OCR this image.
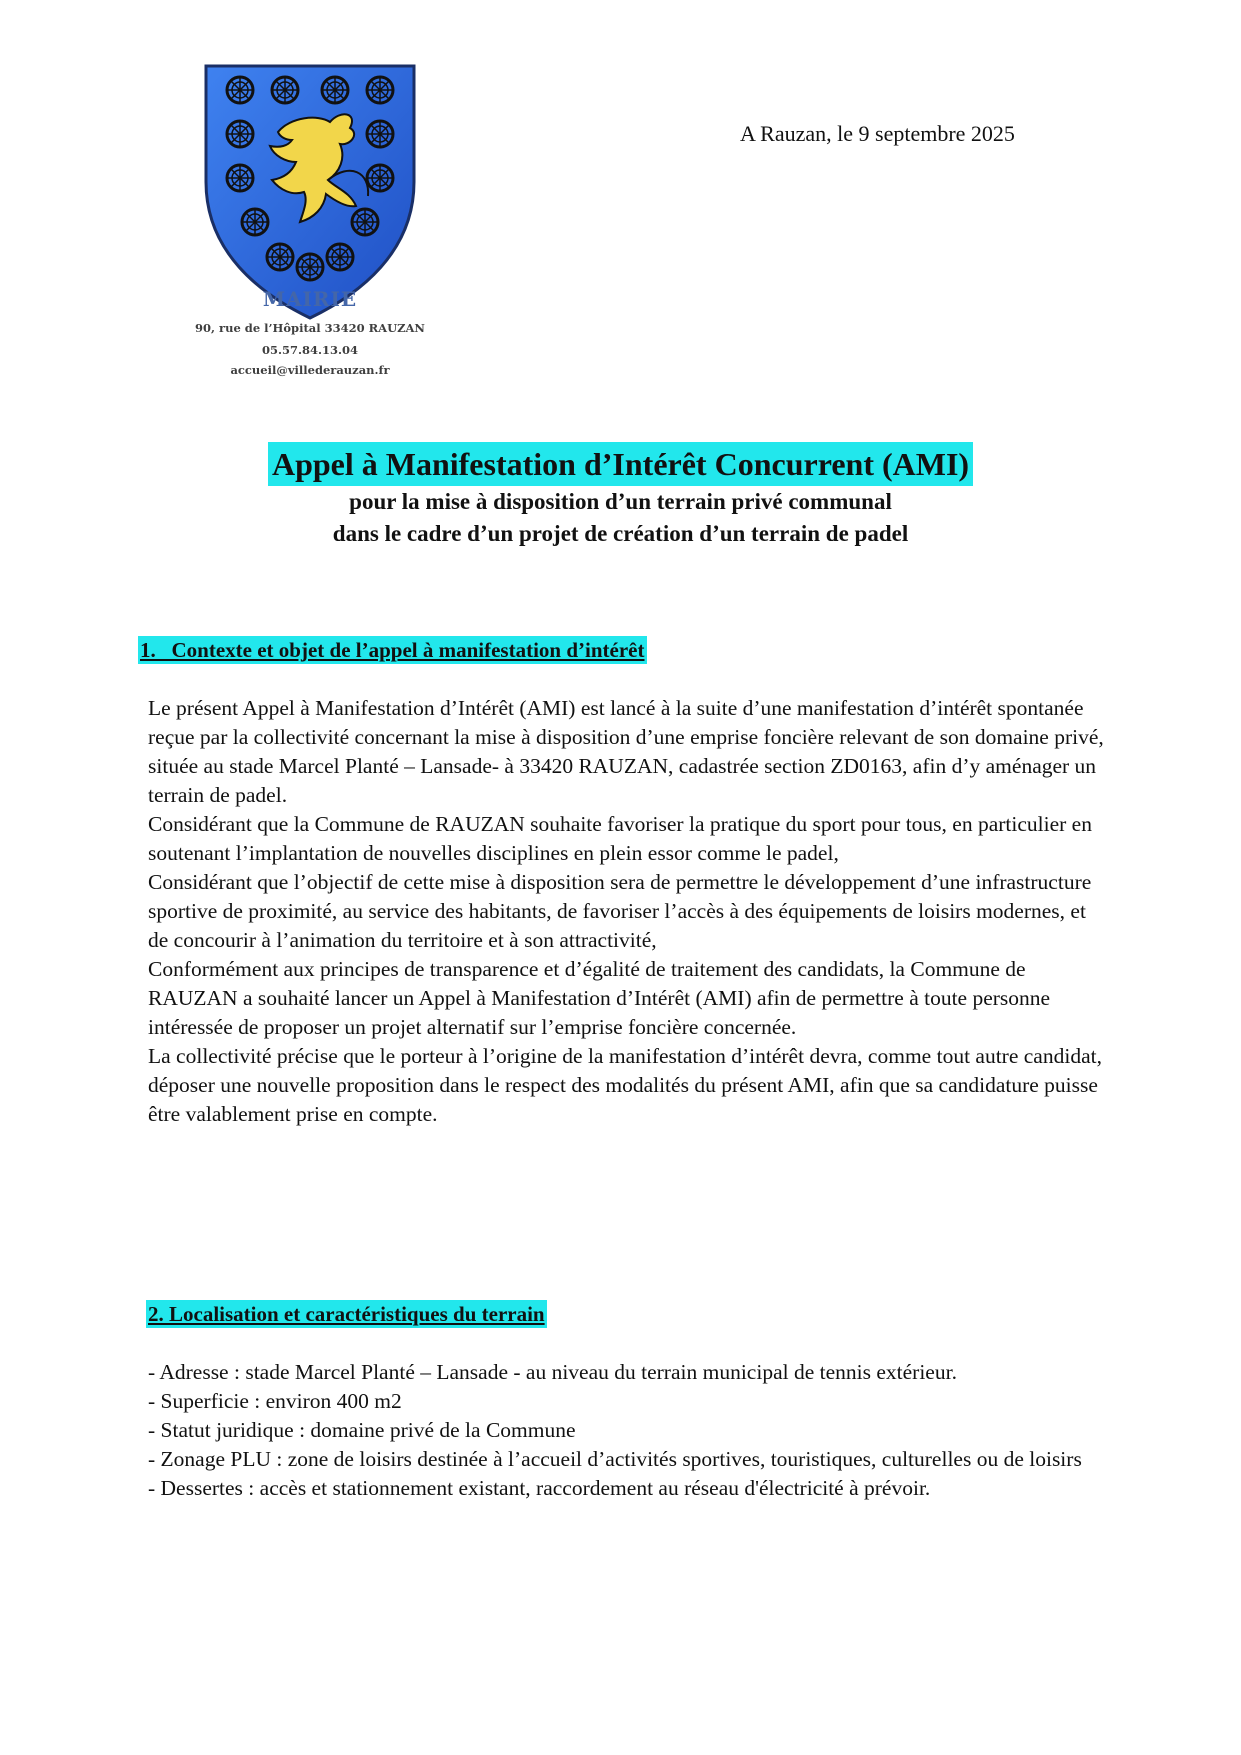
MAIRIE
90, rue de l’Hôpital 33420 RAUZAN
05.57.84.13.04
accueil@villederauzan.fr
A Rauzan, le 9 septembre 2025
Appel à Manifestation d’Intérêt Concurrent (AMI)

pour la mise à disposition d’un terrain privé communal

dans le cadre d’un projet de création d’un terrain de padel

1.   Contexte et objet de l’appel à manifestation d’intérêt

Le présent Appel à Manifestation d’Intérêt (AMI) est lancé à la suite d’une manifestation d’intérêt spontanée reçue par la collectivité concernant la mise à disposition d’une emprise foncière relevant de son domaine privé, située au stade Marcel Planté – Lansade- à 33420 RAUZAN, cadastrée section ZD0163, afin d’y aménager un terrain de padel.

Considérant que la Commune de RAUZAN souhaite favoriser la pratique du sport pour tous, en particulier en soutenant l’implantation de nouvelles disciplines en plein essor comme le padel,

Considérant que l’objectif de cette mise à disposition sera de permettre le développement d’une infrastructure sportive de proximité, au service des habitants, de favoriser l’accès à des équipements de loisirs modernes, et de concourir à l’animation du territoire et à son attractivité,

Conformément aux principes de transparence et d’égalité de traitement des candidats, la Commune de RAUZAN a souhaité lancer un Appel à Manifestation d’Intérêt (AMI) afin de permettre à toute personne intéressée de proposer un projet alternatif sur l’emprise foncière concernée.

La collectivité précise que le porteur à l’origine de la manifestation d’intérêt devra, comme tout autre candidat, déposer une nouvelle proposition dans le respect des modalités du présent AMI, afin que sa candidature puisse être valablement prise en compte.

2. Localisation et caractéristiques du terrain

- Adresse : stade Marcel Planté – Lansade - au niveau du terrain municipal de tennis extérieur.

- Superficie : environ 400 m2

- Statut juridique : domaine privé de la Commune

- Zonage PLU : zone de loisirs destinée à l’accueil d’activités sportives, touristiques, culturelles ou de loisirs

- Dessertes : accès et stationnement existant, raccordement au réseau d'électricité à prévoir.
